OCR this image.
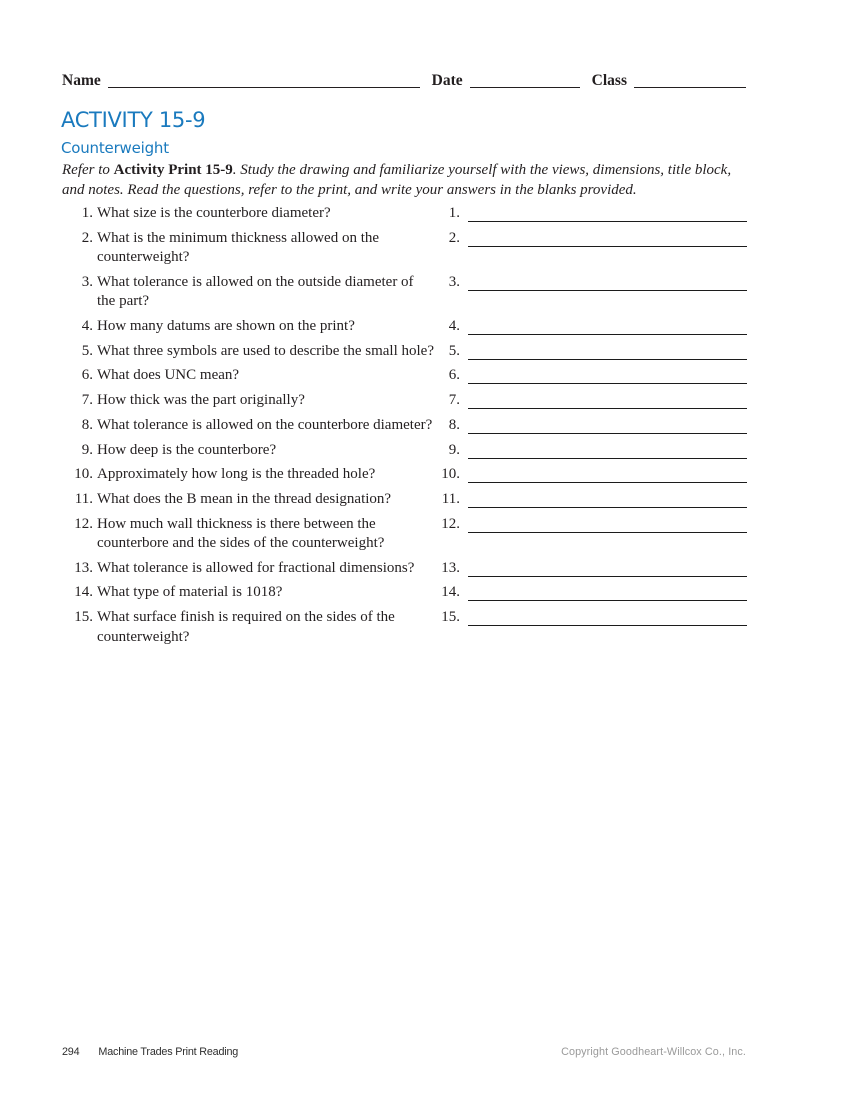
Name	Date	Class
ACTIVITY 15-9
Counterweight

Refer to Activity Print 15-9. Study the drawing and familiarize yourself with the views, dimensions, title block,
and notes. Read the questions, refer to the print, and write your answers in the blanks provided.

1. What size is the counterbore diameter?	1.
2. What is the minimum thickness allowed on the
counterweight?
2.
3. What tolerance is allowed on the outside diameter of
the part?
3.
4. How many datums are shown on the print?	4.
5. What three symbols are used to describe the small hole? 5.
6. What does UNC mean?	6.
7. How thick was the part originally?	7.
8. What tolerance is allowed on the counterbore diameter?	8.
9. How deep is the counterbore?	9.
10. Approximately how long is the threaded hole?	10.
11. What does the B mean in the thread designation?	11.
12. How much wall thickness is there between the
counterbore and the sides of the counterweight?
12.
13. What tolerance is allowed for fractional dimensions?	13.
14. What type of material is 1018?	14.
15. What surface finish is required on the sides of the
counterweight?
15.
294 Machine Trades Print Reading	Copyright Goodheart-Willcox Co., Inc.
